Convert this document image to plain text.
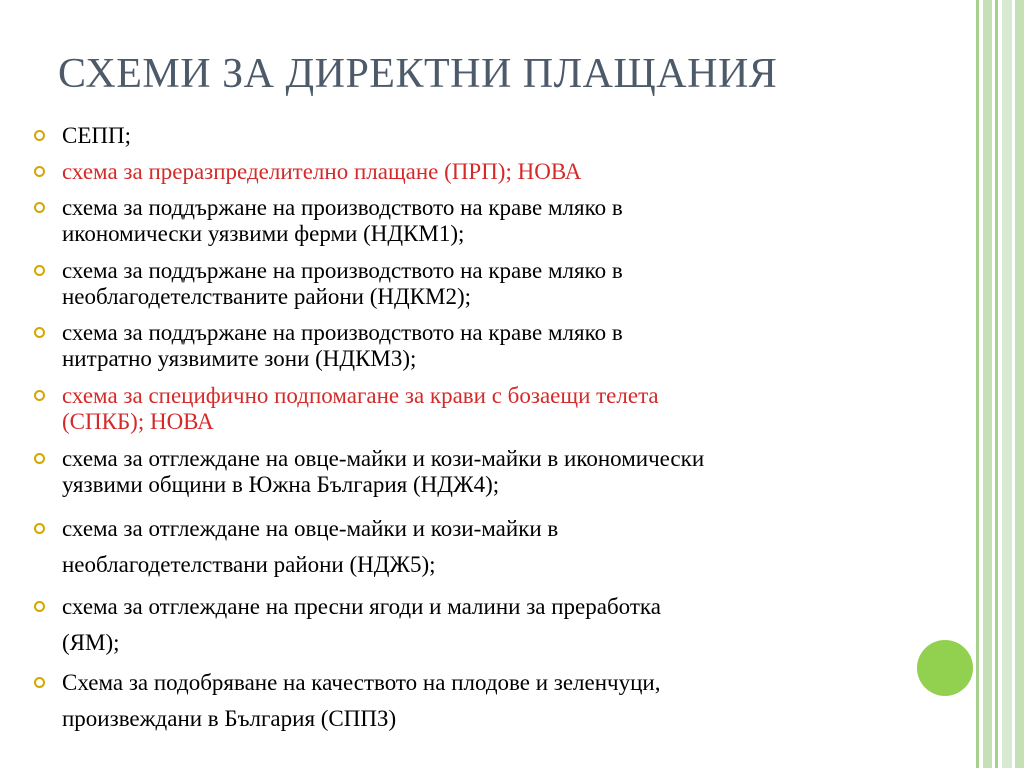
СХЕМИ ЗА ДИРЕКТНИ ПЛАЩАНИЯ
СЕПП;
схема за преразпределително плащане (ПРП); НОВА
схема за поддържане на производството на краве мляко в
икономически уязвими ферми (НДКМ1);
схема за поддържане на производството на краве мляко в
необлагодетелстваните райони (НДКМ2);
схема за поддържане на производството на краве мляко в
нитратно уязвимите зони (НДКМ3);
схема за специфично подпомагане за крави с бозаещи телета
(СПКБ); НОВА
схема за отглеждане на овце-майки и кози-майки в икономически
уязвими общини в Южна България (НДЖ4);
схема за отглеждане на овце-майки и кози-майки в
необлагодетелствани райони (НДЖ5);
схема за отглеждане на пресни ягоди и малини за преработка
(ЯМ);
Схема за подобряване на качеството на плодове и зеленчуци,
произвеждани в България (СППЗ)
